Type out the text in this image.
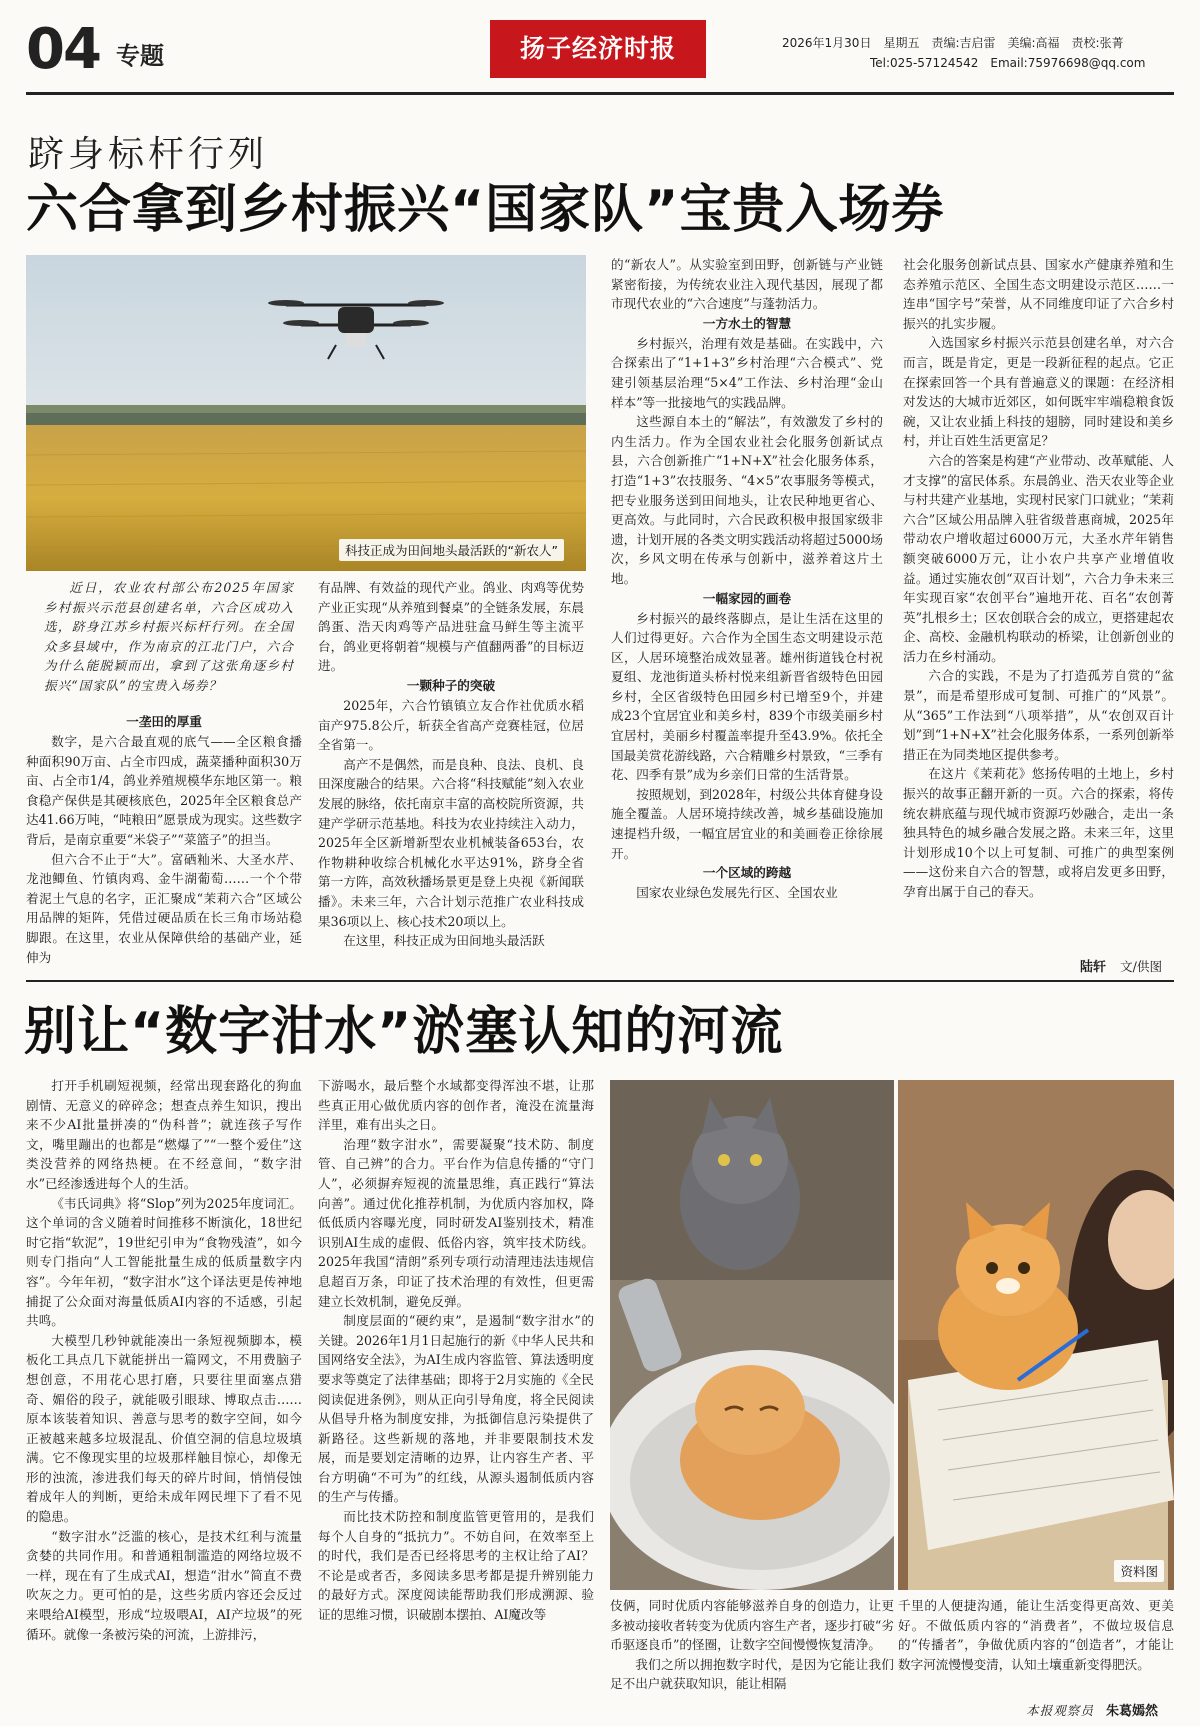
04 专题	扬子经济时报	2026年1月30日　星期五　责编:吉启雷　美编:高福　责校:张菁
Tel:025-57124542　Email:75976698@qq.com
跻身标杆行列
六合拿到乡村振兴“国家队”宝贵入场券
科技正成为田间地头最活跃的“新农人”

近日，农业农村部公布2025年国家乡村振兴示范县创建名单，六合区成功入选，跻身江苏乡村振兴标杆行列。在全国众多县域中，作为南京的江北门户，六合为什么能脱颖而出，拿到了这张角逐乡村振兴“国家队”的宝贵入场券？

一垄田的厚重

数字，是六合最直观的底气——全区粮食播种面积90万亩、占全市四成，蔬菜播种面积30万亩、占全市1/4，鸽业养殖规模华东地区第一。粮食稳产保供是其硬核底色，2025年全区粮食总产达41.66万吨，“吨粮田”愿景成为现实。这些数字背后，是南京重要“米袋子”“菜篮子”的担当。

但六合不止于“大”。富硒籼米、大圣水芹、龙池鲫鱼、竹镇肉鸡、金牛湖葡萄……一个个带着泥土气息的名字，正汇聚成“茉莉六合”区域公用品牌的矩阵，凭借过硬品质在长三角市场站稳脚跟。在这里，农业从保障供给的基础产业，延伸为

有品牌、有效益的现代产业。鸽业、肉鸡等优势产业正实现“从养殖到餐桌”的全链条发展，东晨鸽蛋、浩天肉鸡等产品进驻盒马鲜生等主流平台，鸽业更将朝着“规模与产值翻两番”的目标迈进。

一颗种子的突破

2025年，六合竹镇镇立友合作社优质水稻亩产975.8公斤，斩获全省高产竞赛桂冠，位居全省第一。

高产不是偶然，而是良种、良法、良机、良田深度融合的结果。六合将“科技赋能”刻入农业发展的脉络，依托南京丰富的高校院所资源，共建产学研示范基地。科技为农业持续注入动力，2025年全区新增新型农业机械装备653台，农作物耕种收综合机械化水平达91%，跻身全省第一方阵，高效秋播场景更是登上央视《新闻联播》。未来三年，六合计划示范推广农业科技成果36项以上、核心技术20项以上。

在这里，科技正成为田间地头最活跃

的“新农人”。从实验室到田野，创新链与产业链紧密衔接，为传统农业注入现代基因，展现了都市现代农业的“六合速度”与蓬勃活力。

一方水土的智慧

乡村振兴，治理有效是基础。在实践中，六合探索出了“1+1+3”乡村治理“六合模式”、党建引领基层治理“5×4”工作法、乡村治理“金山样本”等一批接地气的实践品牌。

这些源自本土的“解法”，有效激发了乡村的内生活力。作为全国农业社会化服务创新试点县，六合创新推广“1+N+X”社会化服务体系，打造“1+3”农技服务、“4×5”农事服务等模式，把专业服务送到田间地头，让农民种地更省心、更高效。与此同时，六合民政积极申报国家级非遗，计划开展的各类文明实践活动将超过5000场次，乡风文明在传承与创新中，滋养着这片土地。

一幅家园的画卷

乡村振兴的最终落脚点，是让生活在这里的人们过得更好。六合作为全国生态文明建设示范区，人居环境整治成效显著。雄州街道钱仓村祝夏组、龙池街道头桥村悦来组新晋省级特色田园乡村，全区省级特色田园乡村已增至9个，并建成23个宜居宜业和美乡村，839个市级美丽乡村宜居村，美丽乡村覆盖率提升至43.9%。依托全国最美赏花游线路，六合精雕乡村景致，“三季有花、四季有景”成为乡亲们日常的生活背景。

按照规划，到2028年，村级公共体育健身设施全覆盖。人居环境持续改善，城乡基础设施加速提档升级，一幅宜居宜业的和美画卷正徐徐展开。

一个区域的跨越

国家农业绿色发展先行区、全国农业

社会化服务创新试点县、国家水产健康养殖和生态养殖示范区、全国生态文明建设示范区……一连串“国字号”荣誉，从不同维度印证了六合乡村振兴的扎实步履。

入选国家乡村振兴示范县创建名单，对六合而言，既是肯定，更是一段新征程的起点。它正在探索回答一个具有普遍意义的课题：在经济相对发达的大城市近郊区，如何既牢牢端稳粮食饭碗，又让农业插上科技的翅膀，同时建设和美乡村，并让百姓生活更富足？

六合的答案是构建“产业带动、改革赋能、人才支撑”的富民体系。东晨鸽业、浩天农业等企业与村共建产业基地，实现村民家门口就业；“茉莉六合”区域公用品牌入驻省级普惠商城，2025年带动农户增收超过6000万元，大圣水芹年销售额突破6000万元，让小农户共享产业增值收益。通过实施农创“双百计划”，六合力争未来三年实现百家“农创平台”遍地开花、百名“农创菁英”扎根乡土；区农创联合会的成立，更搭建起农企、高校、金融机构联动的桥梁，让创新创业的活力在乡村涌动。

六合的实践，不是为了打造孤芳自赏的“盆景”，而是希望形成可复制、可推广的“风景”。从“365”工作法到“八项举措”，从“农创双百计划”到“1+N+X”社会化服务体系，一系列创新举措正在为同类地区提供参考。

在这片《茉莉花》悠扬传唱的土地上，乡村振兴的故事正翻开新的一页。六合的探索，将传统农耕底蕴与现代城市资源巧妙融合，走出一条独具特色的城乡融合发展之路。未来三年，这里计划形成10个以上可复制、可推广的典型案例——这份来自六合的智慧，或将启发更多田野，孕育出属于自己的春天。

陆轩 文/供图
别让“数字泔水”淤塞认知的河流

打开手机刷短视频，经常出现套路化的狗血剧情、无意义的碎碎念；想查点养生知识，搜出来不少AI批量拼凑的“伪科普”；就连孩子写作文，嘴里蹦出的也都是“燃爆了”“一整个爱住”这类没营养的网络热梗。在不经意间，“数字泔水”已经渗透进每个人的生活。

《韦氏词典》将“Slop”列为2025年度词汇。这个单词的含义随着时间推移不断演化，18世纪时它指“软泥”，19世纪引申为“食物残渣”，如今则专门指向“人工智能批量生成的低质量数字内容”。今年年初，“数字泔水”这个译法更是传神地捕捉了公众面对海量低质AI内容的不适感，引起共鸣。

大模型几秒钟就能凑出一条短视频脚本，模板化工具点几下就能拼出一篇网文，不用费脑子想创意，不用花心思打磨，只要往里面塞点猎奇、媚俗的段子，就能吸引眼球、博取点击……原本该装着知识、善意与思考的数字空间，如今正被越来越多垃圾混乱、价值空洞的信息垃圾填满。它不像现实里的垃圾那样触目惊心，却像无形的浊流，渗进我们每天的碎片时间，悄悄侵蚀着成年人的判断，更给未成年网民埋下了看不见的隐患。

“数字泔水”泛滥的核心，是技术红利与流量贪婪的共同作用。和普通粗制滥造的网络垃圾不一样，现在有了生成式AI，想造“泔水”简直不费吹灰之力。更可怕的是，这些劣质内容还会反过来喂给AI模型，形成“垃圾喂AI，AI产垃圾”的死循环。就像一条被污染的河流，上游排污，

下游喝水，最后整个水域都变得浑浊不堪，让那些真正用心做优质内容的创作者，淹没在流量海洋里，难有出头之日。

治理“数字泔水”，需要凝聚“技术防、制度管、自己辨”的合力。平台作为信息传播的“守门人”，必须摒弃短视的流量思维，真正践行“算法向善”。通过优化推荐机制，为优质内容加权，降低低质内容曝光度，同时研发AI鉴别技术，精准识别AI生成的虚假、低俗内容，筑牢技术防线。2025年我国“清朗”系列专项行动清理违法违规信息超百万条，印证了技术治理的有效性，但更需建立长效机制，避免反弹。

制度层面的“硬约束”，是遏制“数字泔水”的关键。2026年1月1日起施行的新《中华人民共和国网络安全法》，为AI生成内容监管、算法透明度要求等奠定了法律基础；即将于2月实施的《全民阅读促进条例》，则从正向引导角度，将全民阅读从倡导升格为制度安排，为抵御信息污染提供了新路径。这些新规的落地，并非要限制技术发展，而是要划定清晰的边界，让内容生产者、平台方明确“不可为”的红线，从源头遏制低质内容的生产与传播。

而比技术防控和制度监管更管用的，是我们每个人自身的“抵抗力”。不妨自问，在效率至上的时代，我们是否已经将思考的主权让给了AI？不论是或者否，多阅读多思考都是提升辨别能力的最好方式。深度阅读能帮助我们形成溯源、验证的思维习惯，识破剧本摆拍、AI魔改等

资料图

伎俩，同时优质内容能够滋养自身的创造力，让更多被动接收者转变为优质内容生产者，逐步打破“劣币驱逐良币”的怪圈，让数字空间慢慢恢复清净。

我们之所以拥抱数字时代，是因为它能让我们足不出户就获取知识，能让相隔

千里的人便捷沟通，能让生活变得更高效、更美好。不做低质内容的“消费者”，不做垃圾信息的“传播者”，争做优质内容的“创造者”，才能让数字河流慢慢变清，认知土壤重新变得肥沃。

本报观察员 朱葛嫣然
